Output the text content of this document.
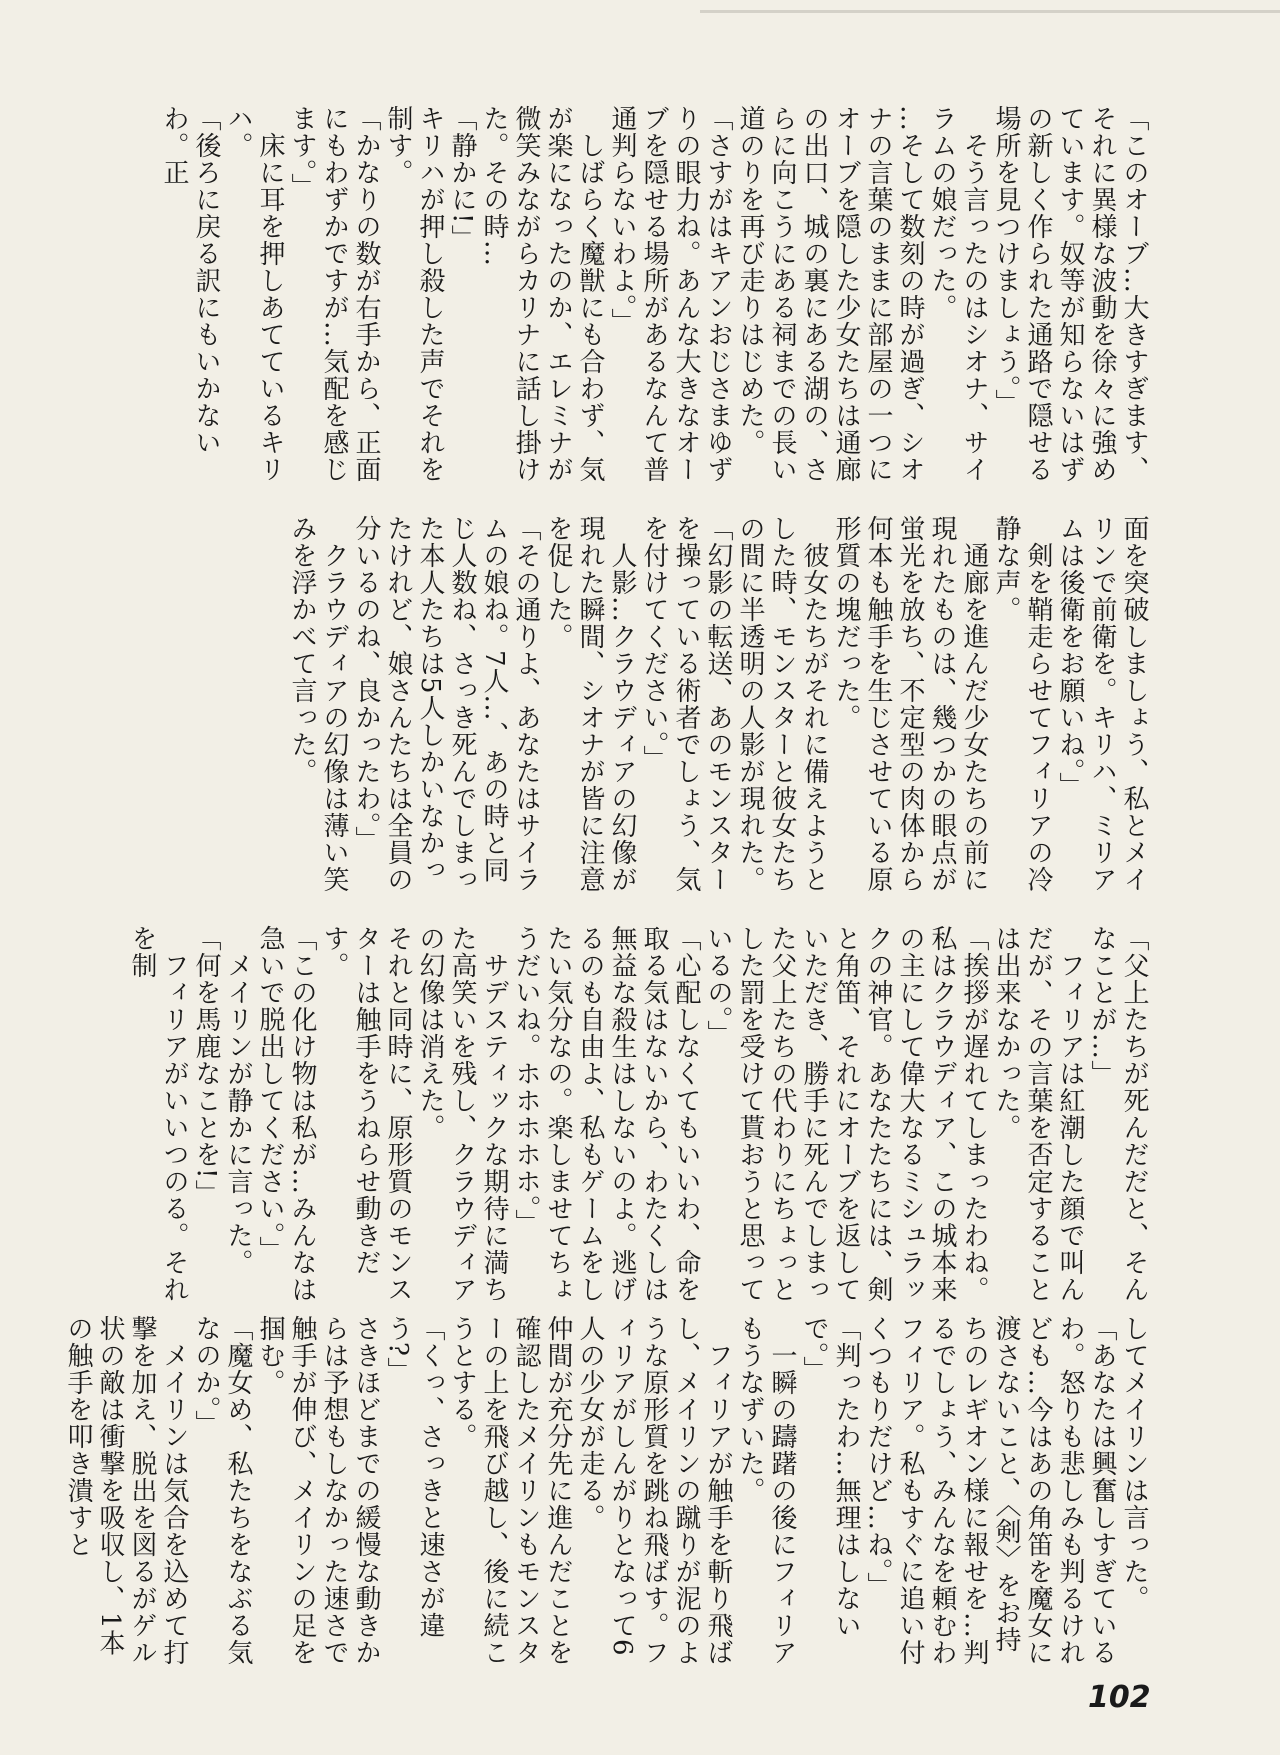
「このオーブ…大きすぎます、それに異様な波動を徐々に強めています。奴等が知らないはずの新しく作られた通路で隠せる場所を見つけましょう。」

　そう言ったのはシオナ、サイラムの娘だった。

…そして数刻の時が過ぎ、シオナの言葉のままに部屋の一つにオーブを隠した少女たちは通廊の出口、城の裏にある湖の、さらに向こうにある祠までの長い道のりを再び走りはじめた。

「さすがはキアンおじさまゆずりの眼力ね。あんな大きなオーブを隠せる場所があるなんて普通判らないわよ。」

　しばらく魔獣にも合わず、気が楽になったのか、エレミナが微笑みながらカリナに話し掛けた。その時…

「静かに!」

キリハが押し殺した声でそれを制す。

「かなりの数が右手から、正面にもわずかですが…気配を感じます。」

　床に耳を押しあてているキリハ。

「後ろに戻る訳にもいかないわ。正

面を突破しましょう、私とメイリンで前衛を。キリハ、ミリアムは後衛をお願いね。」

　剣を鞘走らせてフィリアの冷静な声。

　通廊を進んだ少女たちの前に現れたものは、幾つかの眼点が蛍光を放ち、不定型の肉体から何本も触手を生じさせている原形質の塊だった。

　彼女たちがそれに備えようとした時、モンスターと彼女たちの間に半透明の人影が現れた。

「幻影の転送、あのモンスターを操っている術者でしょう、気を付けてください。」

　人影…クラウディアの幻像が現れた瞬間、シオナが皆に注意を促した。

「その通りよ、あなたはサイラムの娘ね。7人…、あの時と同じ人数ね、さっき死んでしまった本人たちは5人しかいなかったけれど、娘さんたちは全員の分いるのね、良かったわ。」

　クラウディアの幻像は薄い笑みを浮かべて言った。

「父上たちが死んだだと、そんなことが…」

　フィリアは紅潮した顔で叫んだが、その言葉を否定することは出来なかった。

「挨拶が遅れてしまったわね。私はクラウディア、この城本来の主にして偉大なるミシュラックの神官。あなたたちには、剣と角笛、それにオーブを返していただき、勝手に死んでしまった父上たちの代わりにちょっとした罰を受けて貰おうと思っているの。」

「心配しなくてもいいわ、命を取る気はないから、わたくしは無益な殺生はしないのよ。逃げるのも自由よ、私もゲームをしたい気分なの。楽しませてちょうだいね。ホホホホホ。」

　サデスティックな期待に満ちた高笑いを残し、クラウディアの幻像は消えた。

それと同時に、原形質のモンスターは触手をうねらせ動きだす。

「この化け物は私が…みんなは急いで脱出してください。」

　メイリンが静かに言った。

「何を馬鹿なことを!」

　フィリアがいいつのる。それを制

してメイリンは言った。

「あなたは興奮しすぎているわ。怒りも悲しみも判るけれども…今はあの角笛を魔女に渡さないこと、〈剣〉をお持ちのレギオン様に報せを…判るでしょう、みんなを頼むわフィリア。私もすぐに追い付くつもりだけど…ね。」

「判ったわ…無理はしないで。」

　一瞬の躊躇の後にフィリアもうなずいた。

　フィリアが触手を斬り飛ばし、メイリンの蹴りが泥のような原形質を跳ね飛ばす。フィリアがしんがりとなって6人の少女が走る。

仲間が充分先に進んだことを確認したメイリンもモンスターの上を飛び越し、後に続こうとする。

「くっ、さっきと速さが違う?」

さきほどまでの緩慢な動きからは予想もしなかった速さで触手が伸び、メイリンの足を掴む。

「魔女め、私たちをなぶる気なのか。」

　メイリンは気合を込めて打撃を加え、脱出を図るがゲル状の敵は衝撃を吸収し、1本の触手を叩き潰すと

102
